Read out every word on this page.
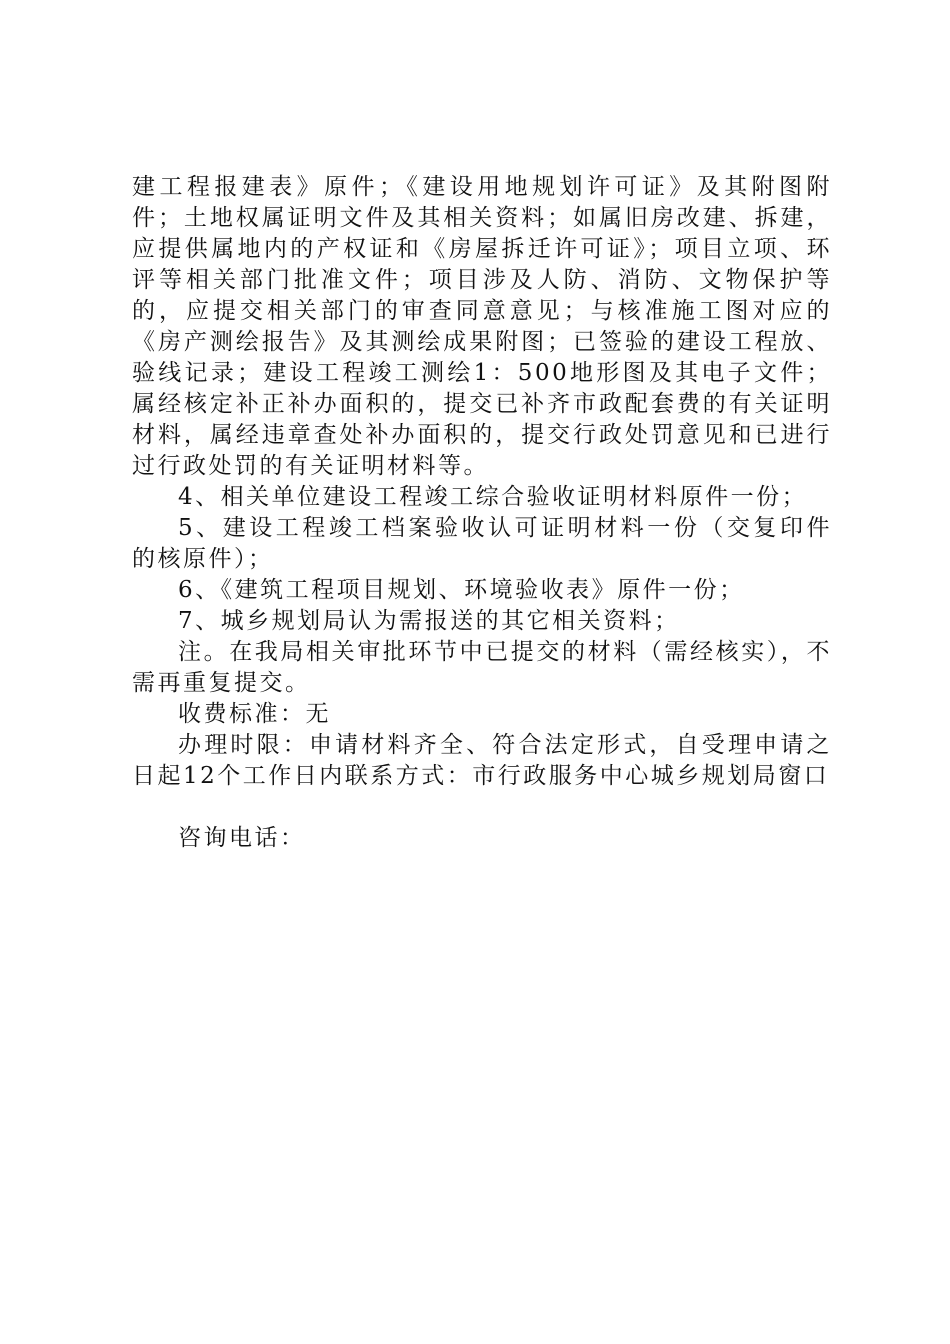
建工程报建表》原件；《建设用地规划许可证》及其附图附件；土地权属证明文件及其相关资料；如属旧房改建、拆建，应提供属地内的产权证和《房屋拆迁许可证》；项目立项、环评等相关部门批准文件；项目涉及人防、消防、文物保护等的，应提交相关部门的审查同意意见；与核准施工图对应的《房产测绘报告》及其测绘成果附图；已签验的建设工程放、验线记录；建设工程竣工测绘1：500地形图及其电子文件；属经核定补正补办面积的，提交已补齐市政配套费的有关证明材料，属经违章查处补办面积的，提交行政处罚意见和已进行过行政处罚的有关证明材料等。

4、相关单位建设工程竣工综合验收证明材料原件一份；

5、建设工程竣工档案验收认可证明材料一份（交复印件的核原件）；

6、《建筑工程项目规划、环境验收表》原件一份；

7、城乡规划局认为需报送的其它相关资料；

注。在我局相关审批环节中已提交的材料（需经核实），不需再重复提交。

收费标准：无

办理时限：申请材料齐全、符合法定形式，自受理申请之日起12个工作日内联系方式：市行政服务中心城乡规划局窗口

咨询电话：
